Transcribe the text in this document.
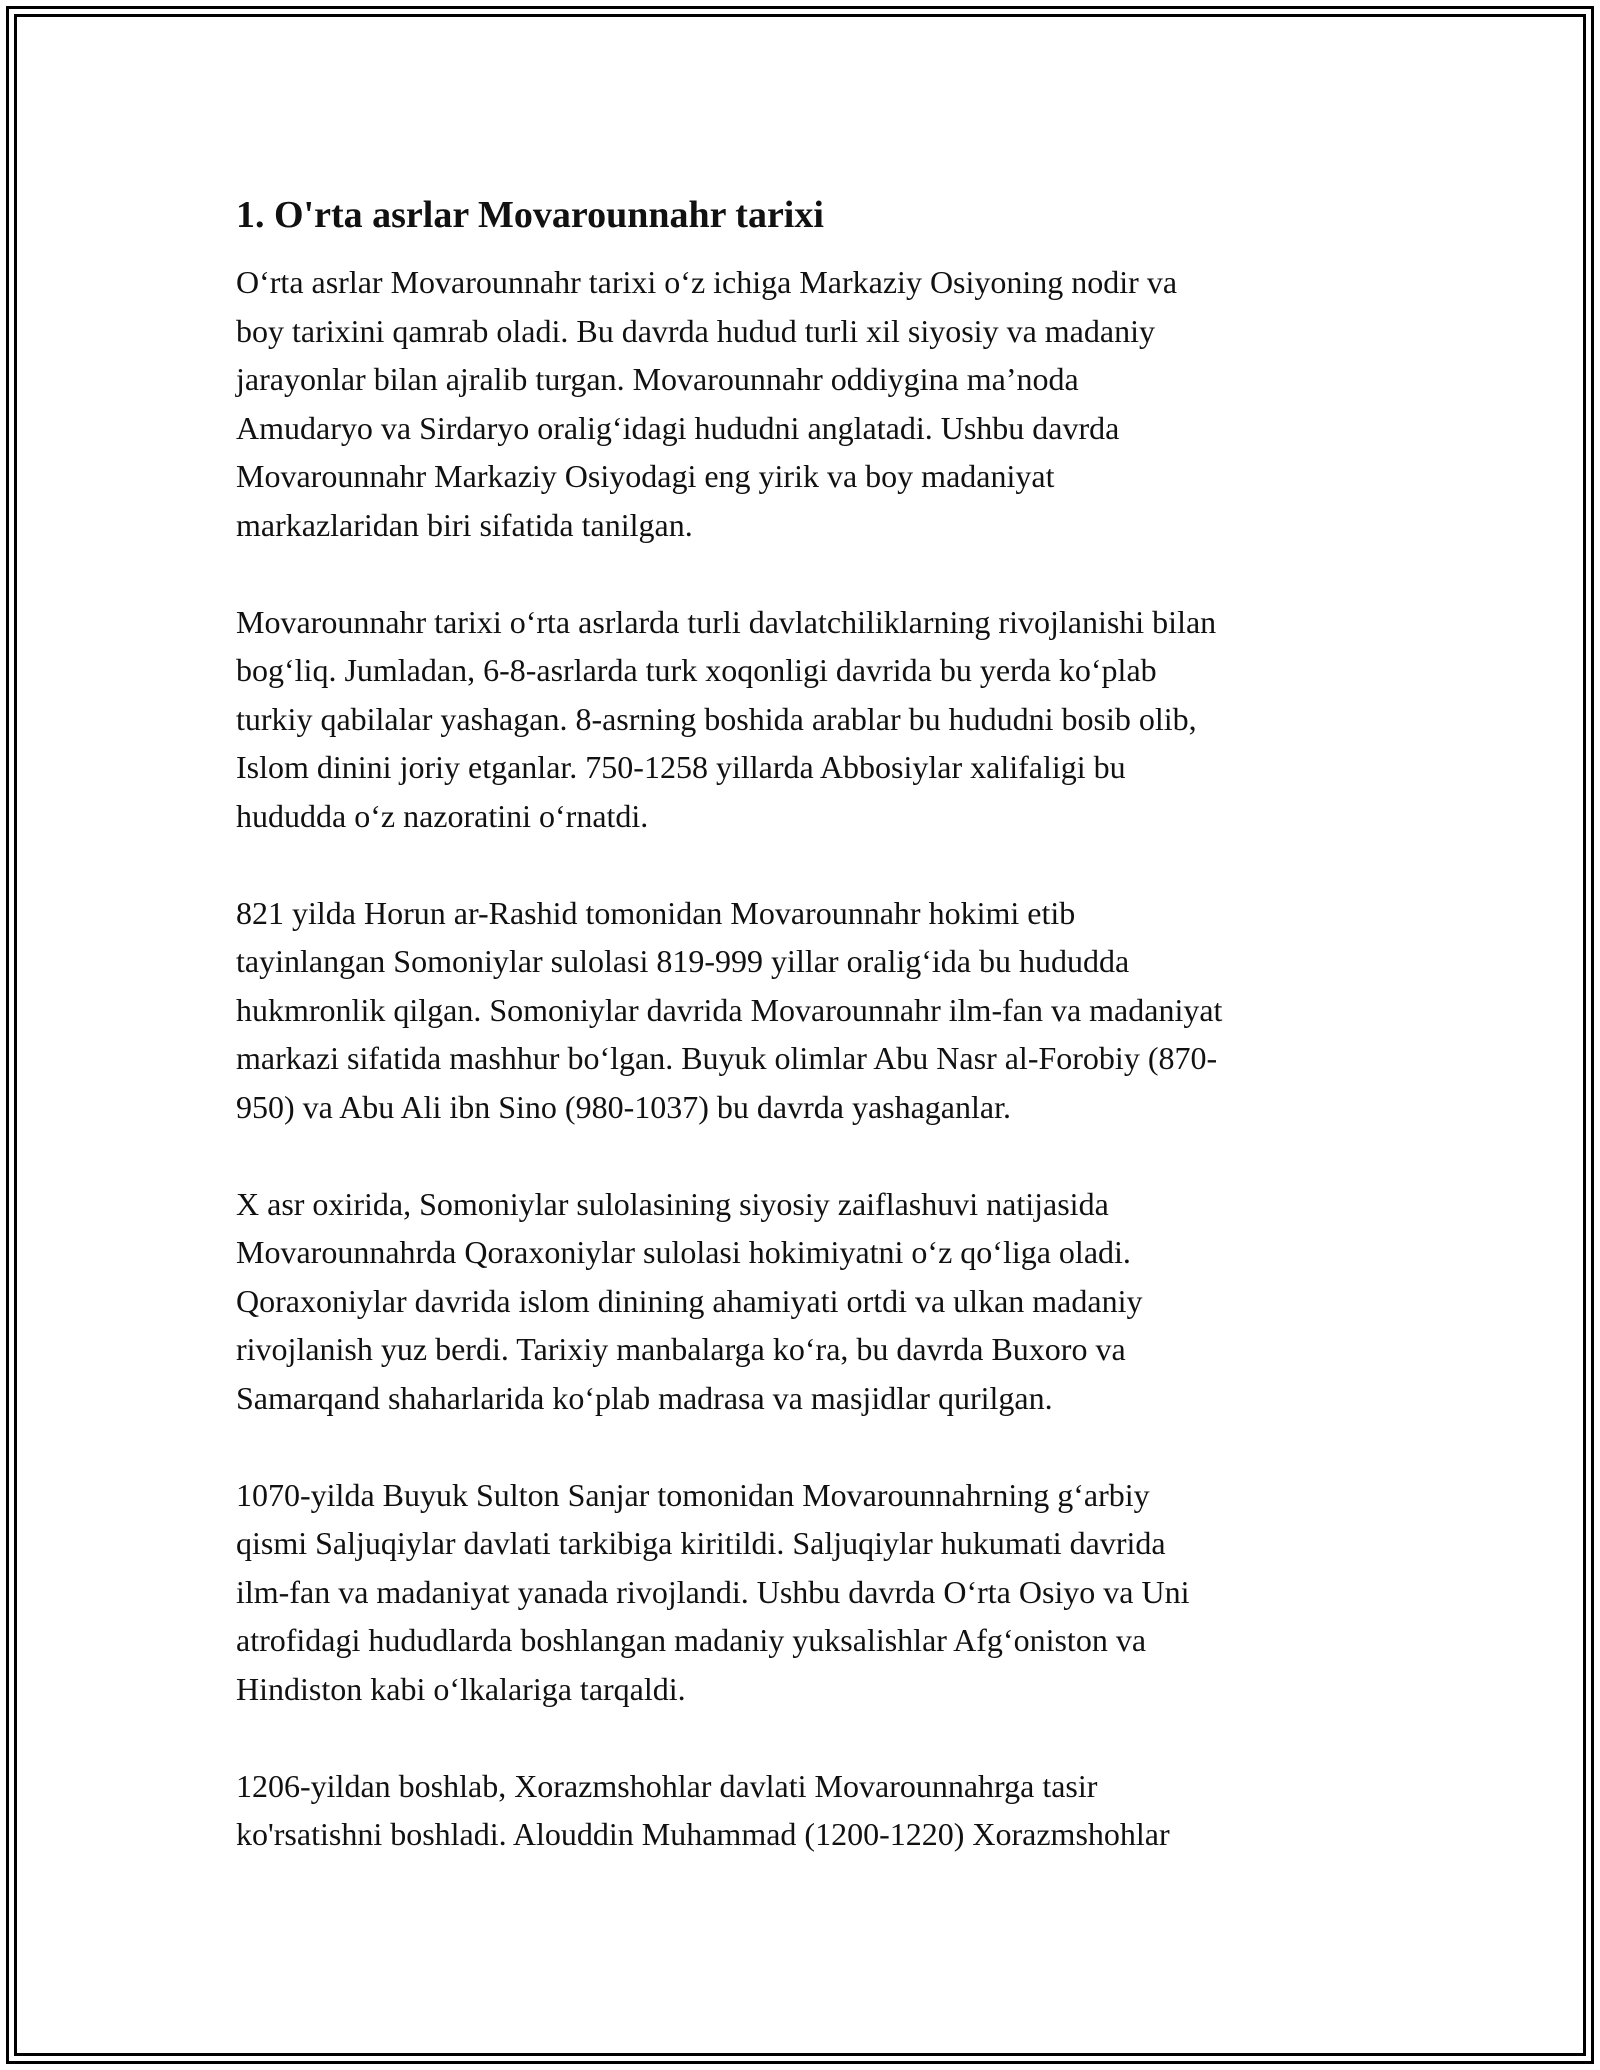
1. O'rta asrlar Movarounnahr tarixi

O‘rta asrlar Movarounnahr tarixi o‘z ichiga Markaziy Osiyoning nodir va
boy tarixini qamrab oladi. Bu davrda hudud turli xil siyosiy va madaniy
jarayonlar bilan ajralib turgan. Movarounnahr oddiygina ma’noda
Amudaryo va Sirdaryo oralig‘idagi hududni anglatadi. Ushbu davrda
Movarounnahr Markaziy Osiyodagi eng yirik va boy madaniyat
markazlaridan biri sifatida tanilgan.

Movarounnahr tarixi o‘rta asrlarda turli davlatchiliklarning rivojlanishi bilan
bog‘liq. Jumladan, 6-8-asrlarda turk xoqonligi davrida bu yerda ko‘plab
turkiy qabilalar yashagan. 8-asrning boshida arablar bu hududni bosib olib,
Islom dinini joriy etganlar. 750-1258 yillarda Abbosiylar xalifaligi bu
hududda o‘z nazoratini o‘rnatdi.

821 yilda Horun ar-Rashid tomonidan Movarounnahr hokimi etib
tayinlangan Somoniylar sulolasi 819-999 yillar oralig‘ida bu hududda
hukmronlik qilgan. Somoniylar davrida Movarounnahr ilm-fan va madaniyat
markazi sifatida mashhur bo‘lgan. Buyuk olimlar Abu Nasr al-Forobiy (870-
950) va Abu Ali ibn Sino (980-1037) bu davrda yashaganlar.

X asr oxirida, Somoniylar sulolasining siyosiy zaiflashuvi natijasida
Movarounnahrda Qoraxoniylar sulolasi hokimiyatni o‘z qo‘liga oladi.
Qoraxoniylar davrida islom dinining ahamiyati ortdi va ulkan madaniy
rivojlanish yuz berdi. Tarixiy manbalarga ko‘ra, bu davrda Buxoro va
Samarqand shaharlarida ko‘plab madrasa va masjidlar qurilgan.

1070-yilda Buyuk Sulton Sanjar tomonidan Movarounnahrning g‘arbiy
qismi Saljuqiylar davlati tarkibiga kiritildi. Saljuqiylar hukumati davrida
ilm-fan va madaniyat yanada rivojlandi. Ushbu davrda O‘rta Osiyo va Uni
atrofidagi hududlarda boshlangan madaniy yuksalishlar Afg‘oniston va
Hindiston kabi o‘lkalariga tarqaldi.

1206-yildan boshlab, Xorazmshohlar davlati Movarounnahrga tasir
ko'rsatishni boshladi. Alouddin Muhammad (1200-1220) Xorazmshohlar
